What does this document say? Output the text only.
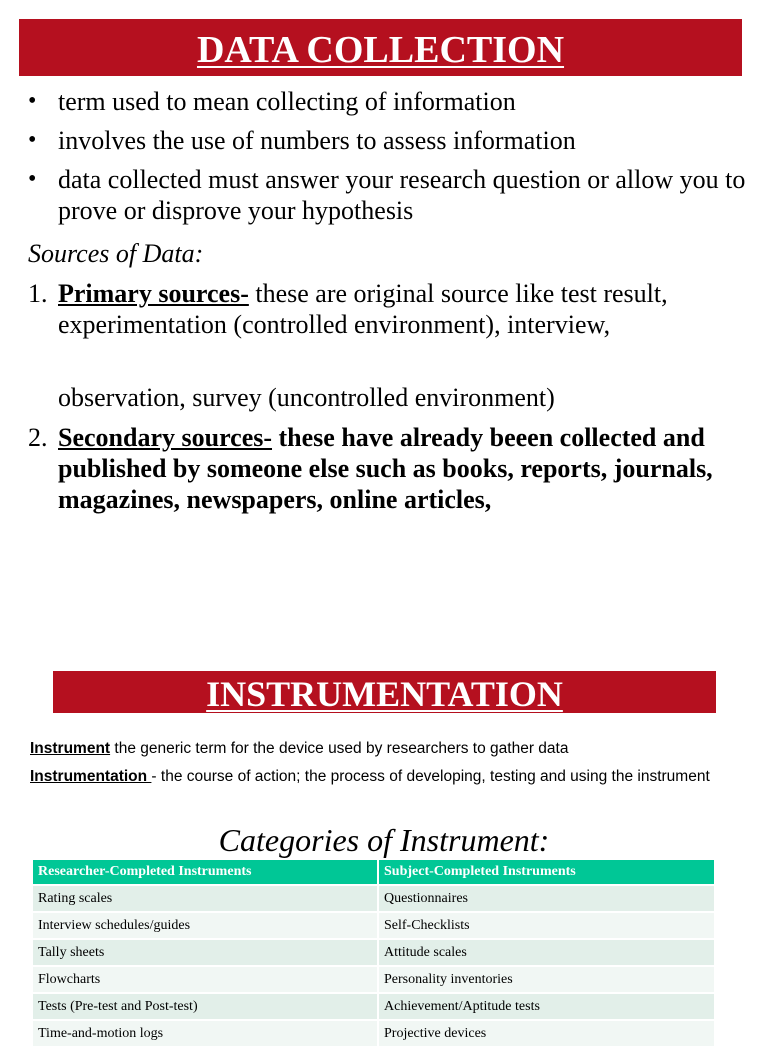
DATA COLLECTION
• term used to mean collecting of information
• involves the use of numbers to assess information
• data collected must answer your research question or allow you to prove or disprove your hypothesis
Sources of Data:
1. Primary sources- these are original source like test result, experimentation (controlled environment), interview,
observation, survey (uncontrolled environment)
2. Secondary sources- these have already beeen collected and published by someone else such as books, reports, journals, magazines, newspapers, online articles,
INSTRUMENTATION
Instrument the generic term for the device used by researchers to gather data
Instrumentation - the course of action; the process of developing, testing and using the instrument
Categories of Instrument:
Researcher-Completed Instruments	Subject-Completed Instruments
Rating scales	Questionnaires
Interview schedules/guides	Self-Checklists
Tally sheets	Attitude scales
Flowcharts	Personality inventories
Tests (Pre-test and Post-test)	Achievement/Aptitude tests
Time-and-motion logs	Projective devices
